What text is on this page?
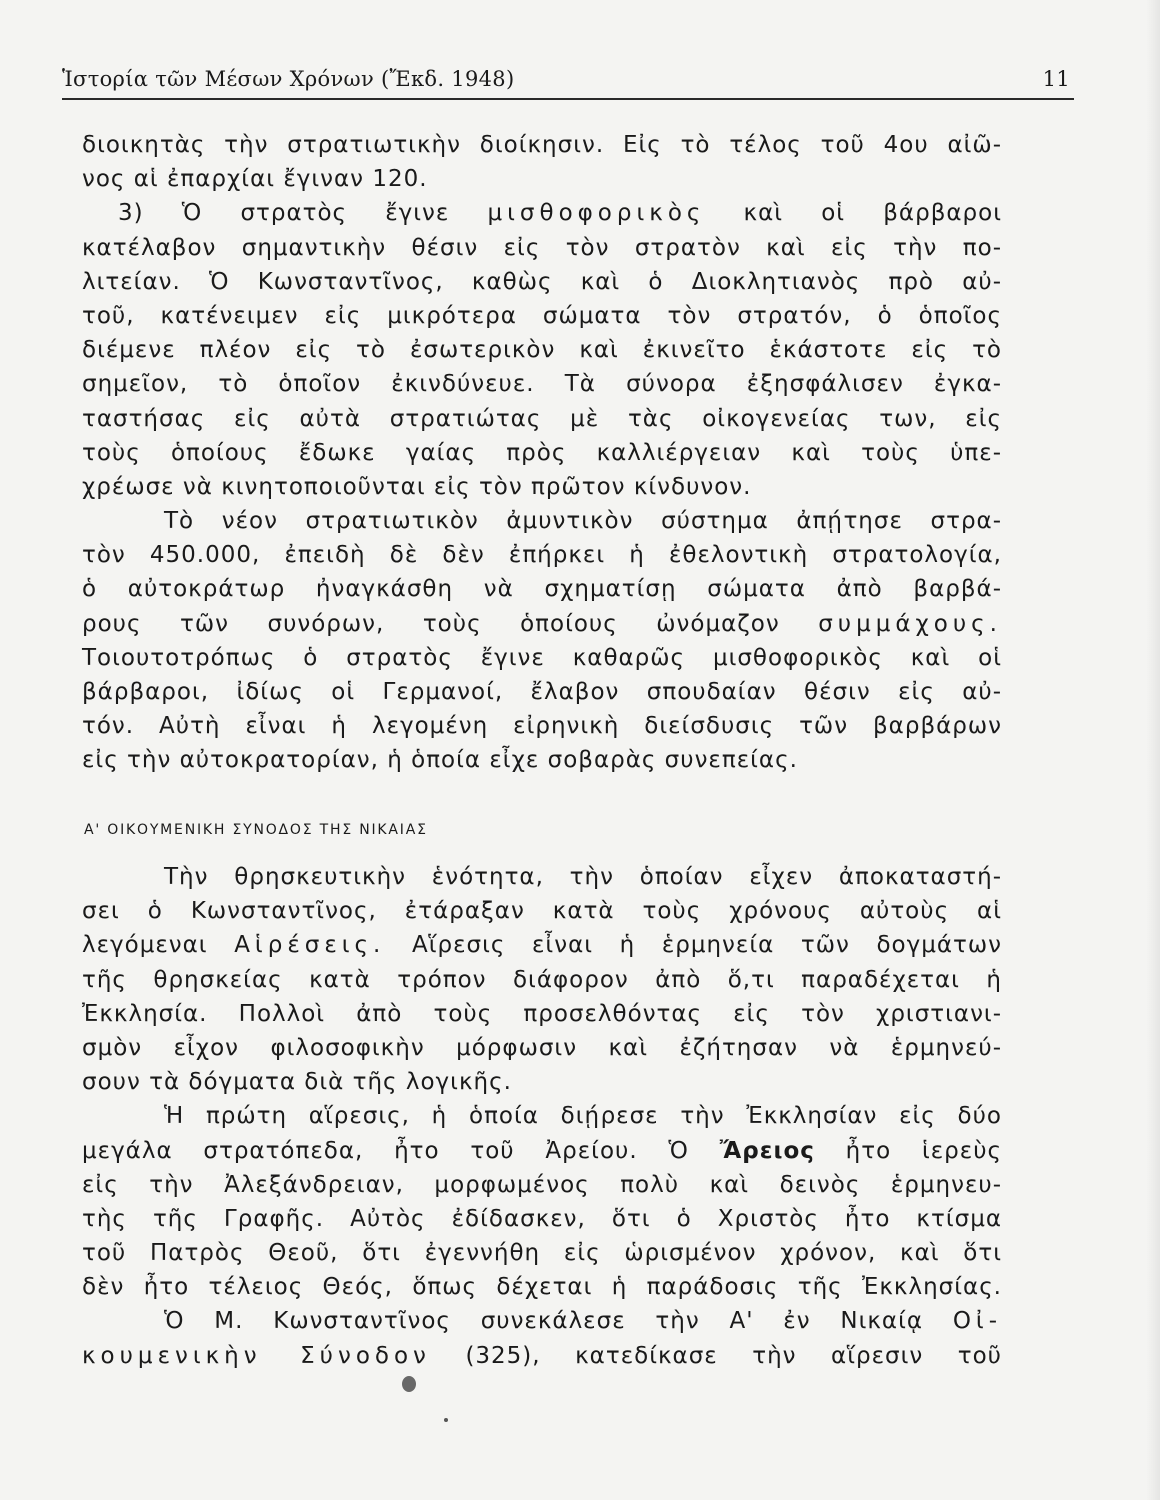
Ἱστορία τῶν Μέσων Χρόνων (Ἔκδ. 1948)	11
διοικητὰς τὴν στρατιωτικὴν διοίκησιν. Εἰς τὸ τέλος τοῦ 4ου αἰῶ-
νος αἱ ἐπαρχίαι ἔγιναν 120.
3) Ὁ στρατὸς ἔγινε μισθοφορικὸς καὶ οἱ βάρβαροι
κατέλαβον σημαντικὴν θέσιν εἰς τὸν στρατὸν καὶ εἰς τὴν πο-
λιτείαν. Ὁ Κωνσταντῖνος, καθὼς καὶ ὁ Διοκλητιανὸς πρὸ αὐ-
τοῦ, κατένειμεν εἰς μικρότερα σώματα τὸν στρατόν, ὁ ὁποῖος
διέμενε πλέον εἰς τὸ ἐσωτερικὸν καὶ ἐκινεῖτο ἑκάστοτε εἰς τὸ
σημεῖον, τὸ ὁποῖον ἐκινδύνευε. Τὰ σύνορα ἐξησφάλισεν ἐγκα-
ταστήσας εἰς αὐτὰ στρατιώτας μὲ τὰς οἰκογενείας των, εἰς
τοὺς ὁποίους ἔδωκε γαίας πρὸς καλλιέργειαν καὶ τοὺς ὑπε-
χρέωσε νὰ κινητοποιοῦνται εἰς τὸν πρῶτον κίνδυνον.
Τὸ νέον στρατιωτικὸν ἀμυντικὸν σύστημα ἀπῄτησε στρα-
τὸν 450.000, ἐπειδὴ δὲ δὲν ἐπήρκει ἡ ἐθελοντικὴ στρατολογία,
ὁ αὐτοκράτωρ ἠναγκάσθη νὰ σχηματίσῃ σώματα ἀπὸ βαρβά-
ρους τῶν συνόρων, τοὺς ὁποίους ὠνόμαζον συμμάχους.
Τοιουτοτρόπως ὁ στρατὸς ἔγινε καθαρῶς μισθοφορικὸς καὶ οἱ
βάρβαροι, ἰδίως οἱ Γερμανοί, ἔλαβον σπουδαίαν θέσιν εἰς αὐ-
τόν. Αὐτὴ εἶναι ἡ λεγομένη εἰρηνικὴ διείσδυσις τῶν βαρβάρων
εἰς τὴν αὐτοκρατορίαν, ἡ ὁποία εἶχε σοβαρὰς συνεπείας.
Α' ΟΙΚΟΥΜΕΝΙΚΗ ΣΥΝΟΔΟΣ ΤΗΣ ΝΙΚΑΙΑΣ
Τὴν θρησκευτικὴν ἑνότητα, τὴν ὁποίαν εἶχεν ἀποκαταστή-
σει ὁ Κωνσταντῖνος, ἐτάραξαν κατὰ τοὺς χρόνους αὐτοὺς αἱ
λεγόμεναι Αἱρέσεις. Αἵρεσις εἶναι ἡ ἑρμηνεία τῶν δογμάτων
τῆς θρησκείας κατὰ τρόπον διάφορον ἀπὸ ὅ,τι παραδέχεται ἡ
Ἐκκλησία. Πολλοὶ ἀπὸ τοὺς προσελθόντας εἰς τὸν χριστιανι-
σμὸν εἶχον φιλοσοφικὴν μόρφωσιν καὶ ἐζήτησαν νὰ ἑρμηνεύ-
σουν τὰ δόγματα διὰ τῆς λογικῆς.
Ἡ πρώτη αἵρεσις, ἡ ὁποία διῄρεσε τὴν Ἐκκλησίαν εἰς δύο
μεγάλα στρατόπεδα, ἦτο τοῦ Ἀρείου. Ὁ Ἄρειος ἦτο ἱερεὺς
εἰς τὴν Ἀλεξάνδρειαν, μορφωμένος πολὺ καὶ δεινὸς ἑρμηνευ-
τὴς τῆς Γραφῆς. Αὐτὸς ἐδίδασκεν, ὅτι ὁ Χριστὸς ἦτο κτίσμα
τοῦ Πατρὸς Θεοῦ, ὅτι ἐγεννήθη εἰς ὡρισμένον χρόνον, καὶ ὅτι
δὲν ἦτο τέλειος Θεός, ὅπως δέχεται ἡ παράδοσις τῆς Ἐκκλησίας.
Ὁ Μ. Κωνσταντῖνος συνεκάλεσε τὴν Α' ἐν Νικαίᾳ Οἰ-
κουμενικὴν Σύνοδον (325), κατεδίκασε τὴν αἵρεσιν τοῦ
